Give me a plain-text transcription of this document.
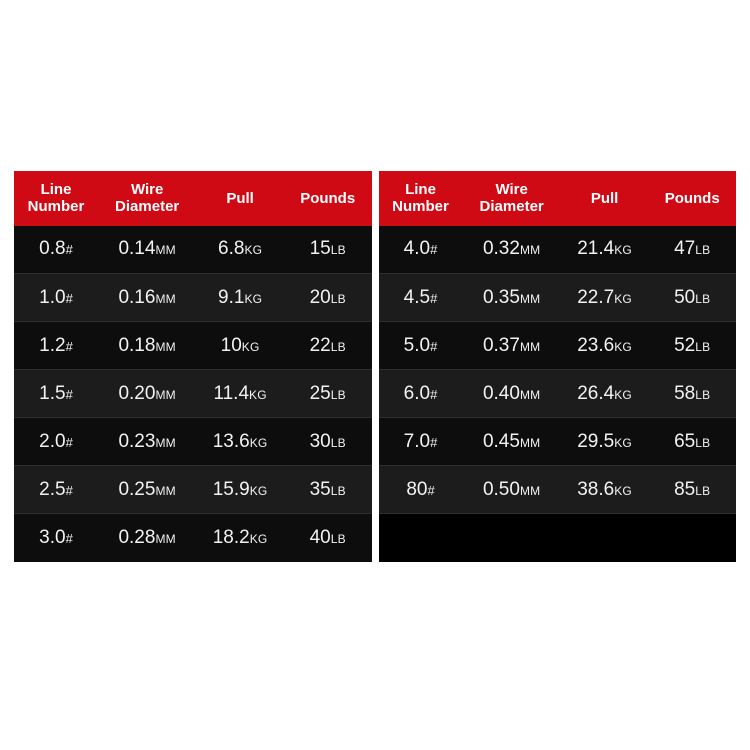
Line Number	Wire Diameter	Pull	Pounds
0.8#	0.14MM	6.8KG	15LB
1.0#	0.16MM	9.1KG	20LB
1.2#	0.18MM	10KG	22LB
1.5#	0.20MM	11.4KG	25LB
2.0#	0.23MM	13.6KG	30LB
2.5#	0.25MM	15.9KG	35LB
3.0#	0.28MM	18.2KG	40LB
Line Number	Wire Diameter	Pull	Pounds
4.0#	0.32MM	21.4KG	47LB
4.5#	0.35MM	22.7KG	50LB
5.0#	0.37MM	23.6KG	52LB
6.0#	0.40MM	26.4KG	58LB
7.0#	0.45MM	29.5KG	65LB
80#	0.50MM	38.6KG	85LB
